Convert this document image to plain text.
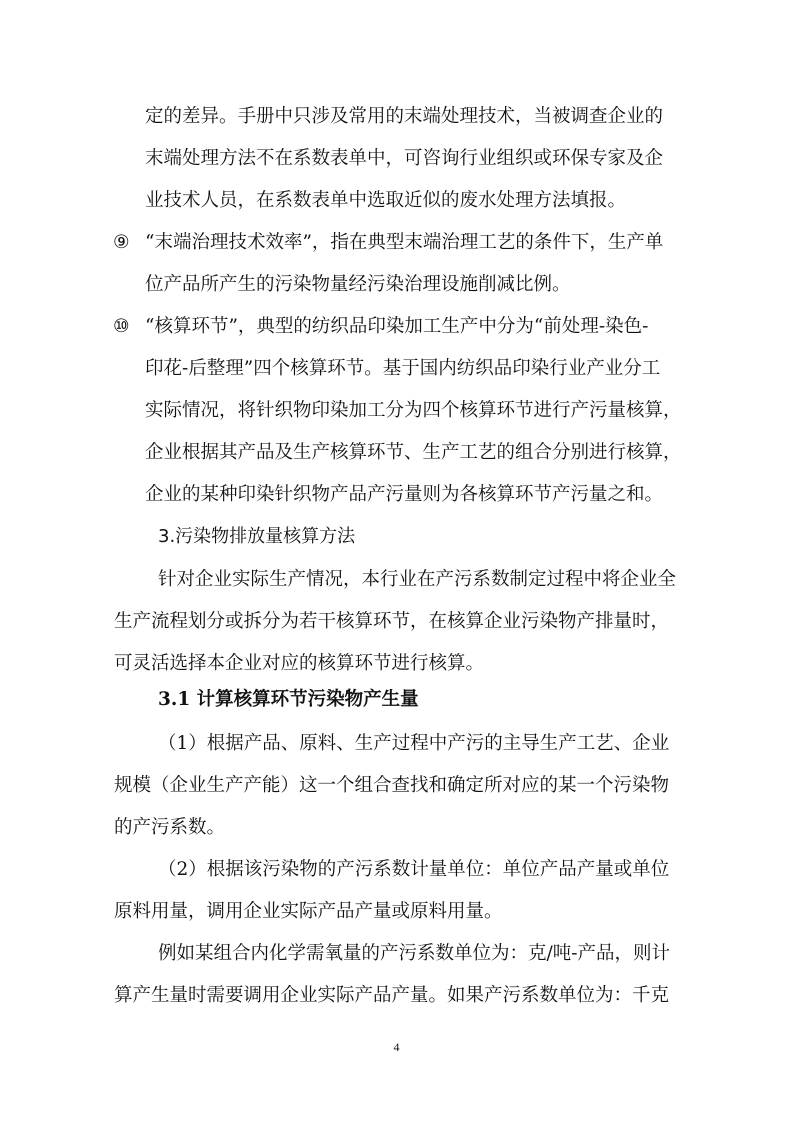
定的差异。手册中只涉及常用的末端处理技术，当被调查企业的
末端处理方法不在系数表单中，可咨询行业组织或环保专家及企
业技术人员，在系数表单中选取近似的废水处理方法填报。
⑨ “末端治理技术效率”，指在典型末端治理工艺的条件下，生产单
位产品所产生的污染物量经污染治理设施削减比例。
⑩ “核算环节”，典型的纺织品印染加工生产中分为“前处理-染色-
印花-后整理”四个核算环节。基于国内纺织品印染行业产业分工
实际情况，将针织物印染加工分为四个核算环节进行产污量核算，
企业根据其产品及生产核算环节、生产工艺的组合分别进行核算，
企业的某种印染针织物产品产污量则为各核算环节产污量之和。
3.污染物排放量核算方法
针对企业实际生产情况，本行业在产污系数制定过程中将企业全
生产流程划分或拆分为若干核算环节，在核算企业污染物产排量时，
可灵活选择本企业对应的核算环节进行核算。
3.1 计算核算环节污染物产生量
（1）根据产品、原料、生产过程中产污的主导生产工艺、企业
规模（企业生产产能）这一个组合查找和确定所对应的某一个污染物
的产污系数。
（2）根据该污染物的产污系数计量单位：单位产品产量或单位
原料用量，调用企业实际产品产量或原料用量。
例如某组合内化学需氧量的产污系数单位为：克/吨-产品，则计
算产生量时需要调用企业实际产品产量。如果产污系数单位为：千克
4
